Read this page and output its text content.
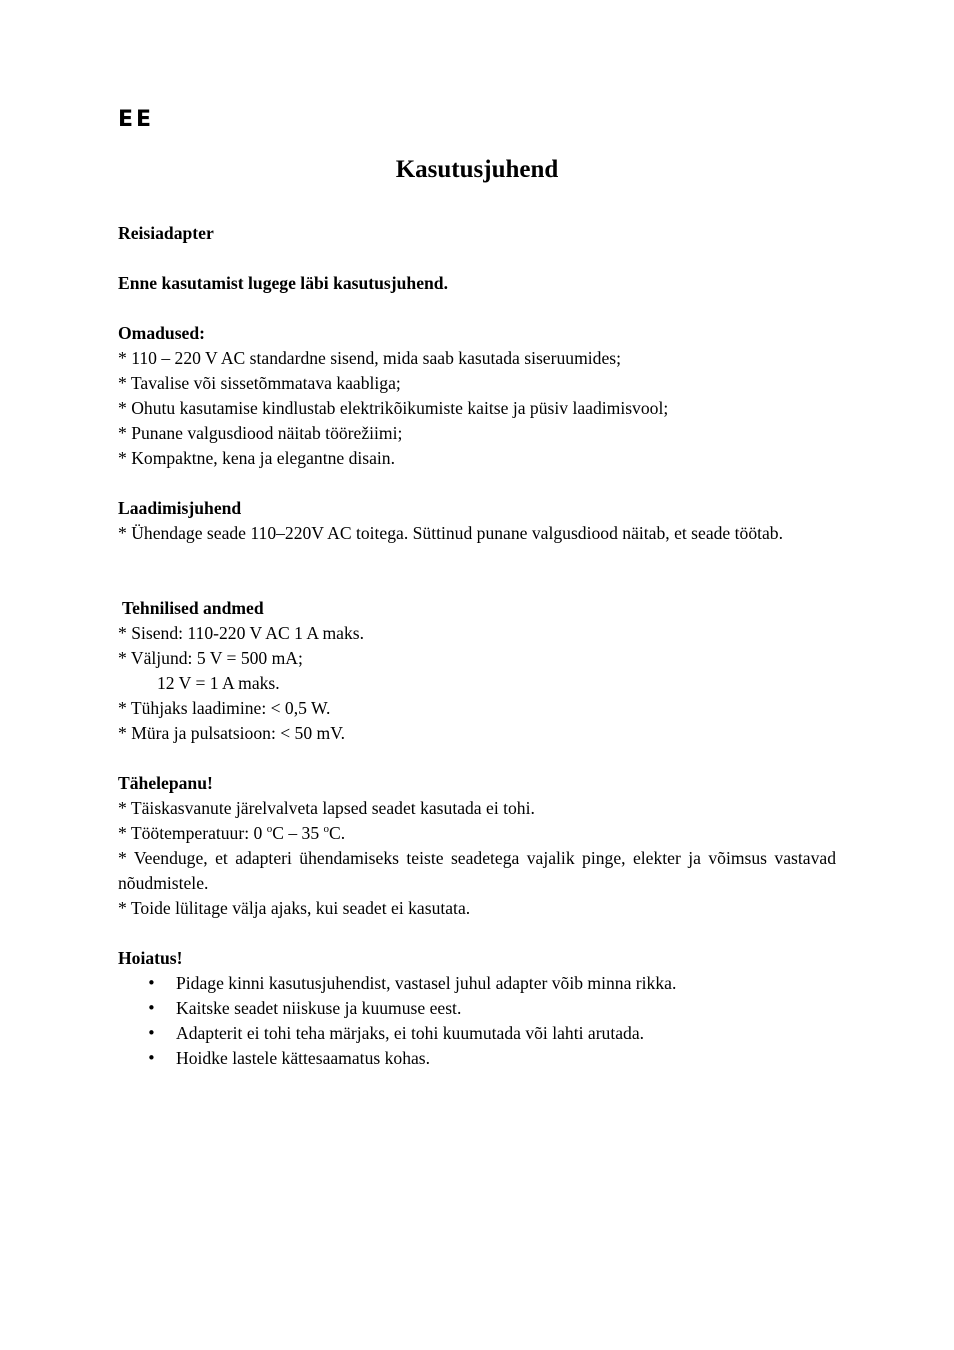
EE
Kasutusjuhend
Reisiadapter
Enne kasutamist lugege läbi kasutusjuhend.
Omadused:
* 110 – 220 V AC standardne sisend, mida saab kasutada siseruumides;
* Tavalise või sissetõmmatava kaabliga;
* Ohutu kasutamise kindlustab elektrikõikumiste kaitse ja püsiv laadimisvool;
* Punane valgusdiood näitab töörežiimi;
* Kompaktne, kena ja elegantne disain.
Laadimisjuhend
* Ühendage seade 110–220V AC toitega. Süttinud punane valgusdiood näitab, et seade töötab.
Tehnilised andmed
* Sisend: 110-220 V AC 1 A maks.
* Väljund: 5 V = 500 mA;
12 V = 1 A maks.
* Tühjaks laadimine: < 0,5 W.
* Müra ja pulsatsioon: < 50 mV.
Tähelepanu!
* Täiskasvanute järelvalveta lapsed seadet kasutada ei tohi.
* Töötemperatuur: 0 $^o$C – 35 $^o$C.
* Veenduge, et adapteri ühendamiseks teiste seadetega vajalik pinge, elekter ja võimsus vastavad nõudmistele.
* Toide lülitage välja ajaks, kui seadet ei kasutata.
Hoiatus!
• Pidage kinni kasutusjuhendist, vastasel juhul adapter võib minna rikka.
• Kaitske seadet niiskuse ja kuumuse eest.
• Adapterit ei tohi teha märjaks, ei tohi kuumutada või lahti arutada.
• Hoidke lastele kättesaamatus kohas.
